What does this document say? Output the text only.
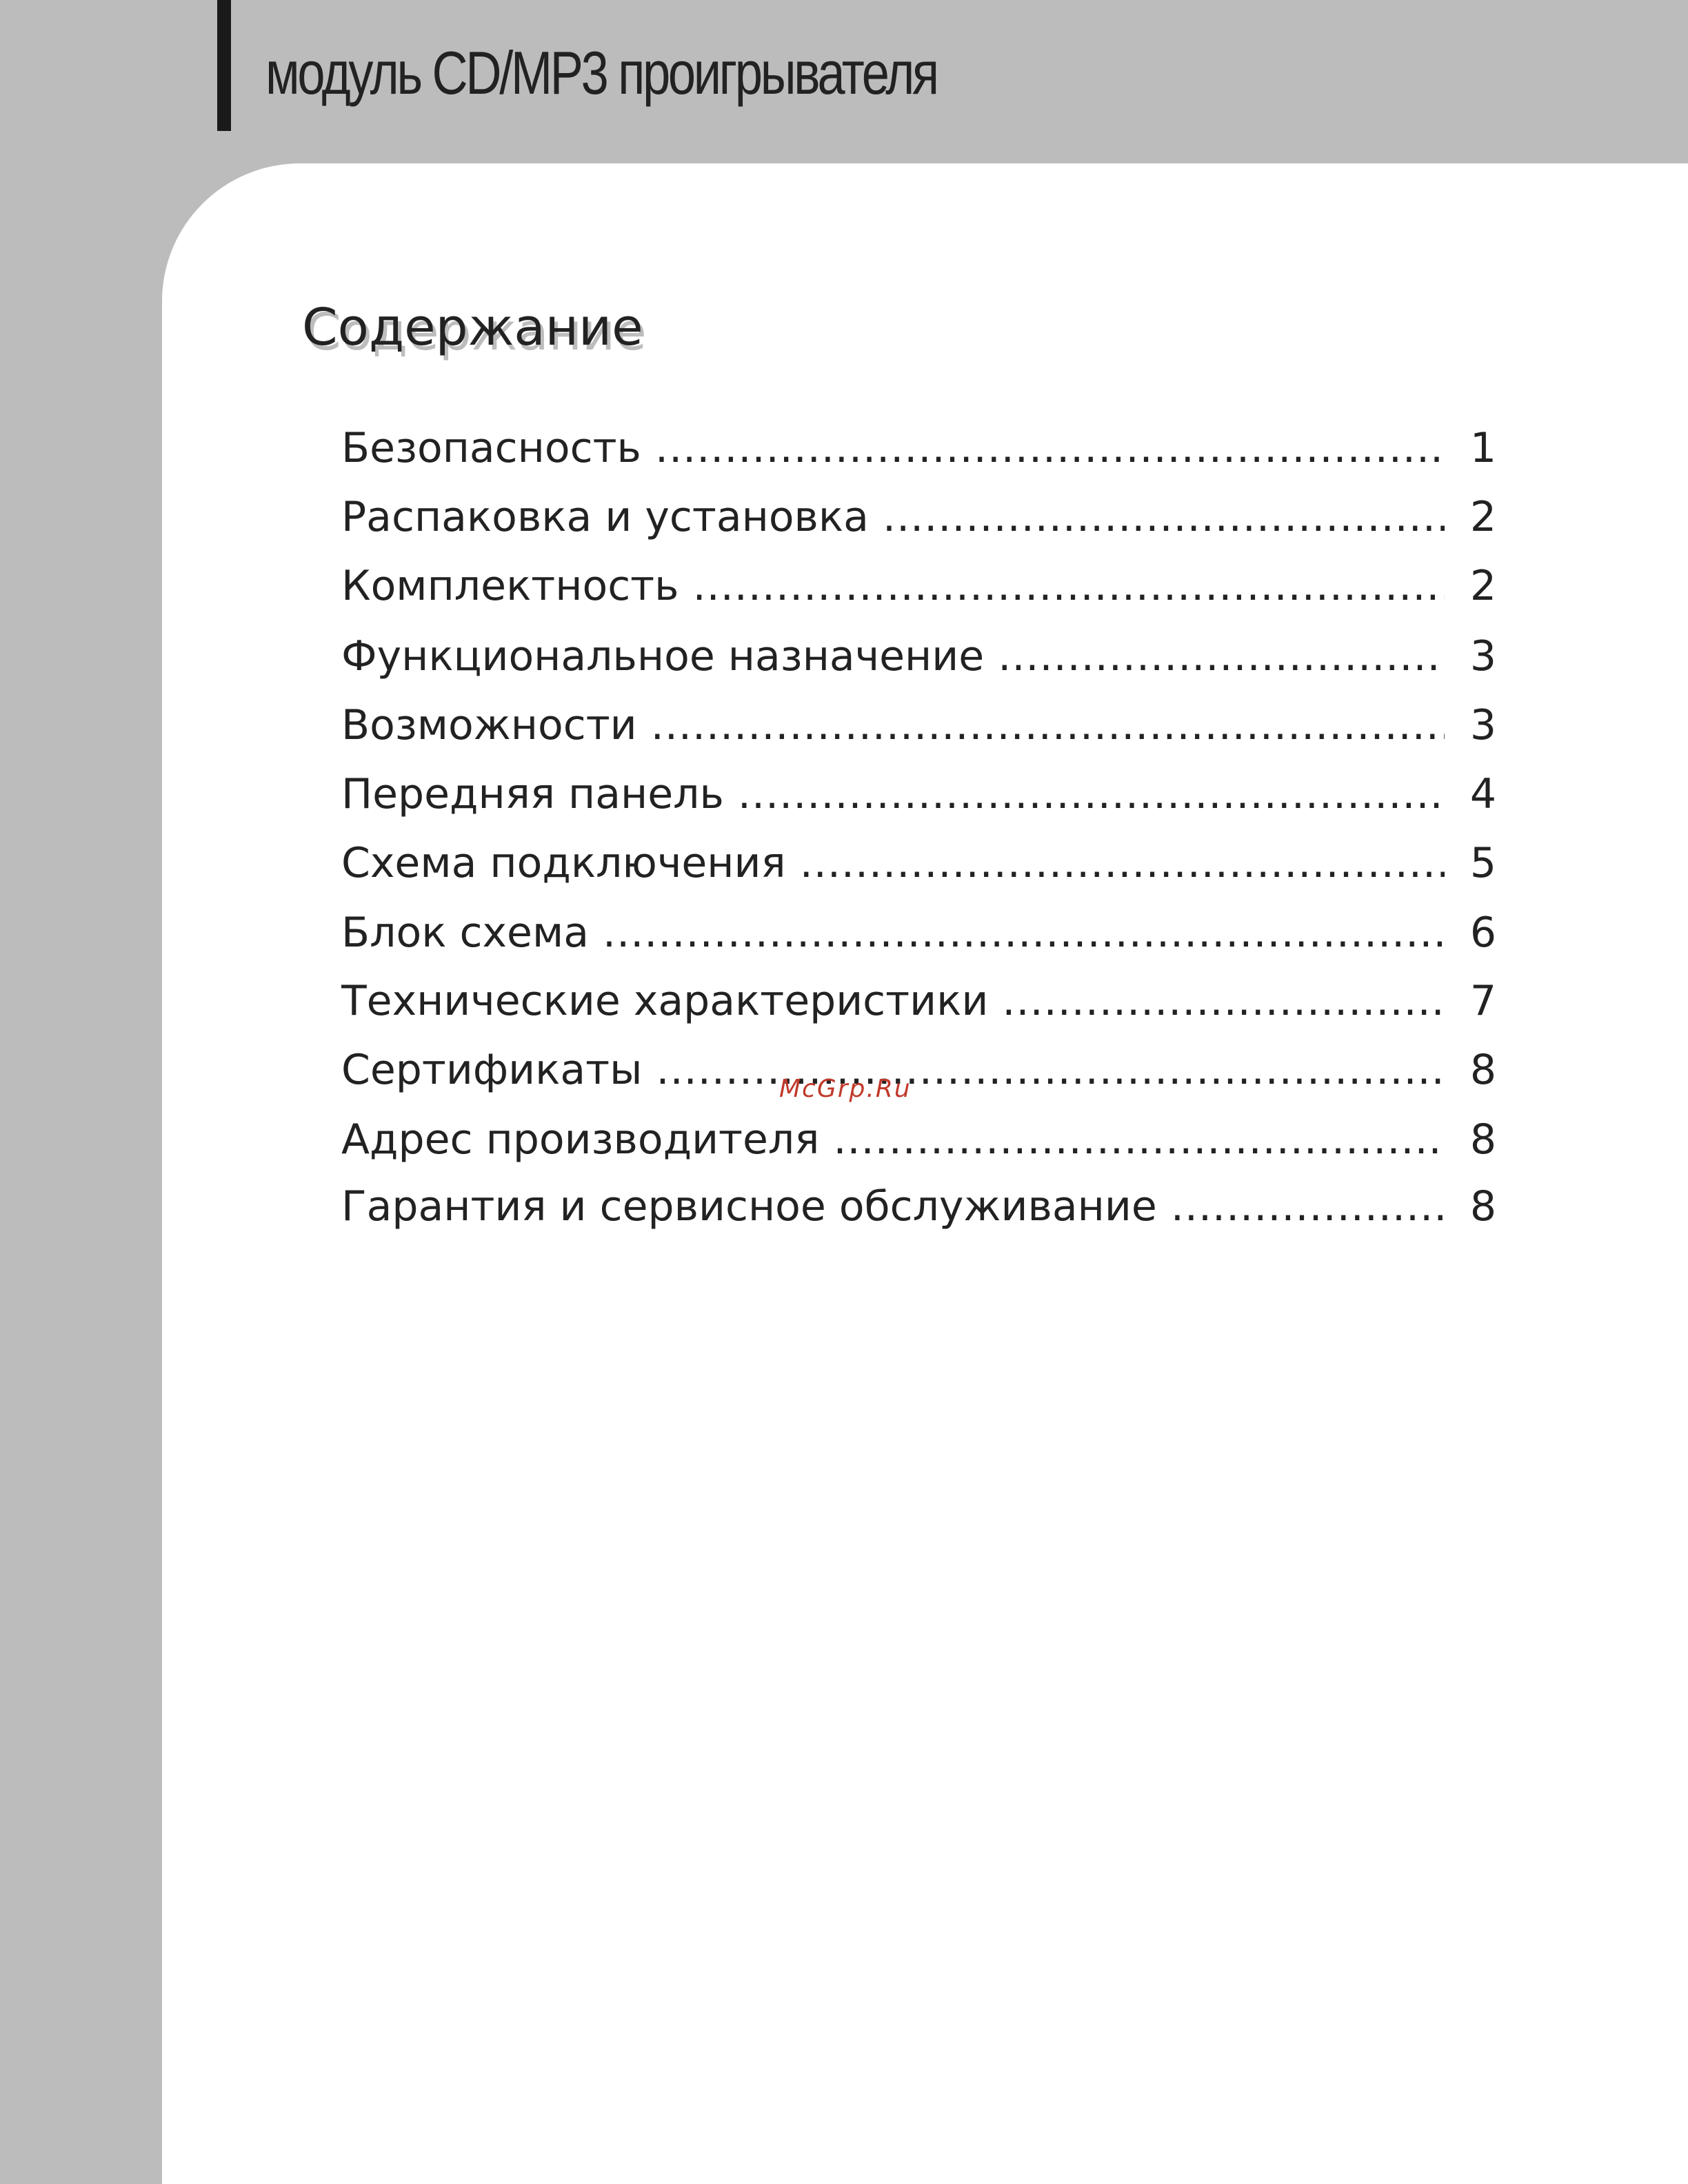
модуль CD/MP3 проигрывателя
Содержание
Безопасность .....	1
Распаковка и установка .....	2
Комплектность .....	2
Функциональное назначение .....	3
Возможности .....	3
Передняя панель .....	4
Схема подключения .....	5
Блок схема .....	6
Технические характеристики .....	7
Сертификаты .....	8
Адрес производителя .....	8
Гарантия и сервисное обслуживание .....	8
McGrp.Ru
